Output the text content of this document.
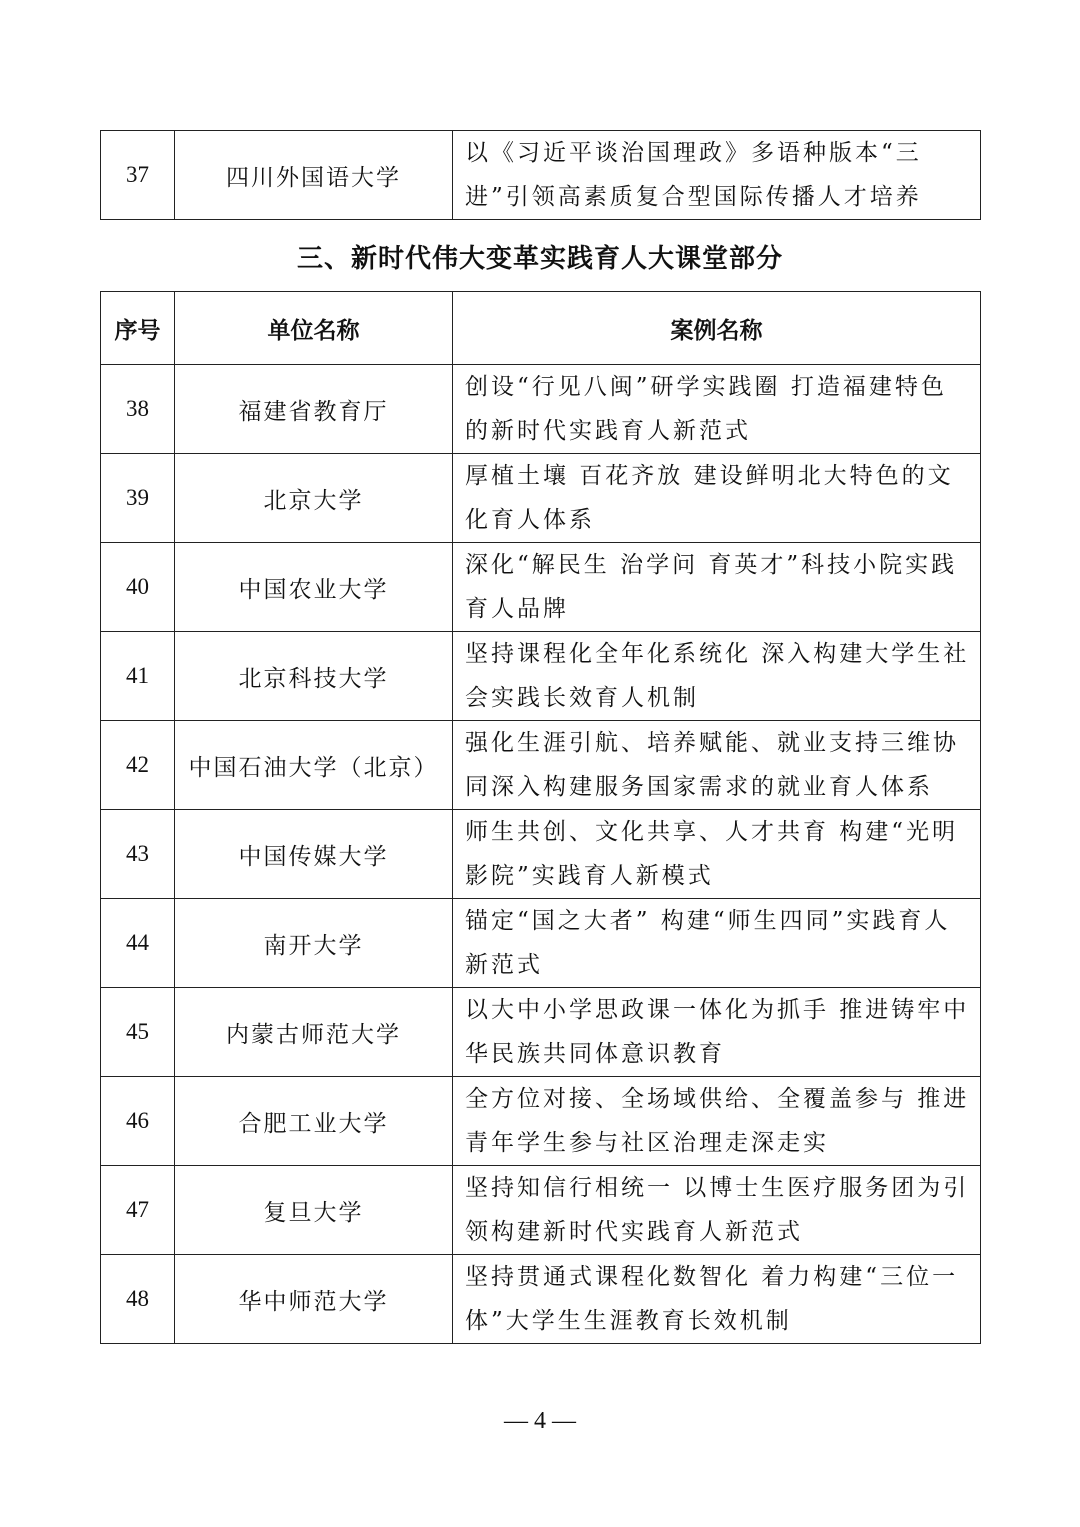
37	四川外国语大学	以《习近平谈治国理政》多语种版本“三进”引领高素质复合型国际传播人才培养
三、新时代伟大变革实践育人大课堂部分
序号	单位名称	案例名称
38	福建省教育厅	创设“行见八闽”研学实践圈 打造福建特色的新时代实践育人新范式
39	北京大学	厚植土壤 百花齐放 建设鲜明北大特色的文化育人体系
40	中国农业大学	深化“解民生 治学问 育英才”科技小院实践育人品牌
41	北京科技大学	坚持课程化全年化系统化 深入构建大学生社会实践长效育人机制
42	中国石油大学（北京）	强化生涯引航、培养赋能、就业支持三维协同深入构建服务国家需求的就业育人体系
43	中国传媒大学	师生共创、文化共享、人才共育 构建“光明影院”实践育人新模式
44	南开大学	锚定“国之大者” 构建“师生四同”实践育人新范式
45	内蒙古师范大学	以大中小学思政课一体化为抓手 推进铸牢中华民族共同体意识教育
46	合肥工业大学	全方位对接、全场域供给、全覆盖参与 推进青年学生参与社区治理走深走实
47	复旦大学	坚持知信行相统一 以博士生医疗服务团为引领构建新时代实践育人新范式
48	华中师范大学	坚持贯通式课程化数智化 着力构建“三位一体”大学生生涯教育长效机制
— 4 —
